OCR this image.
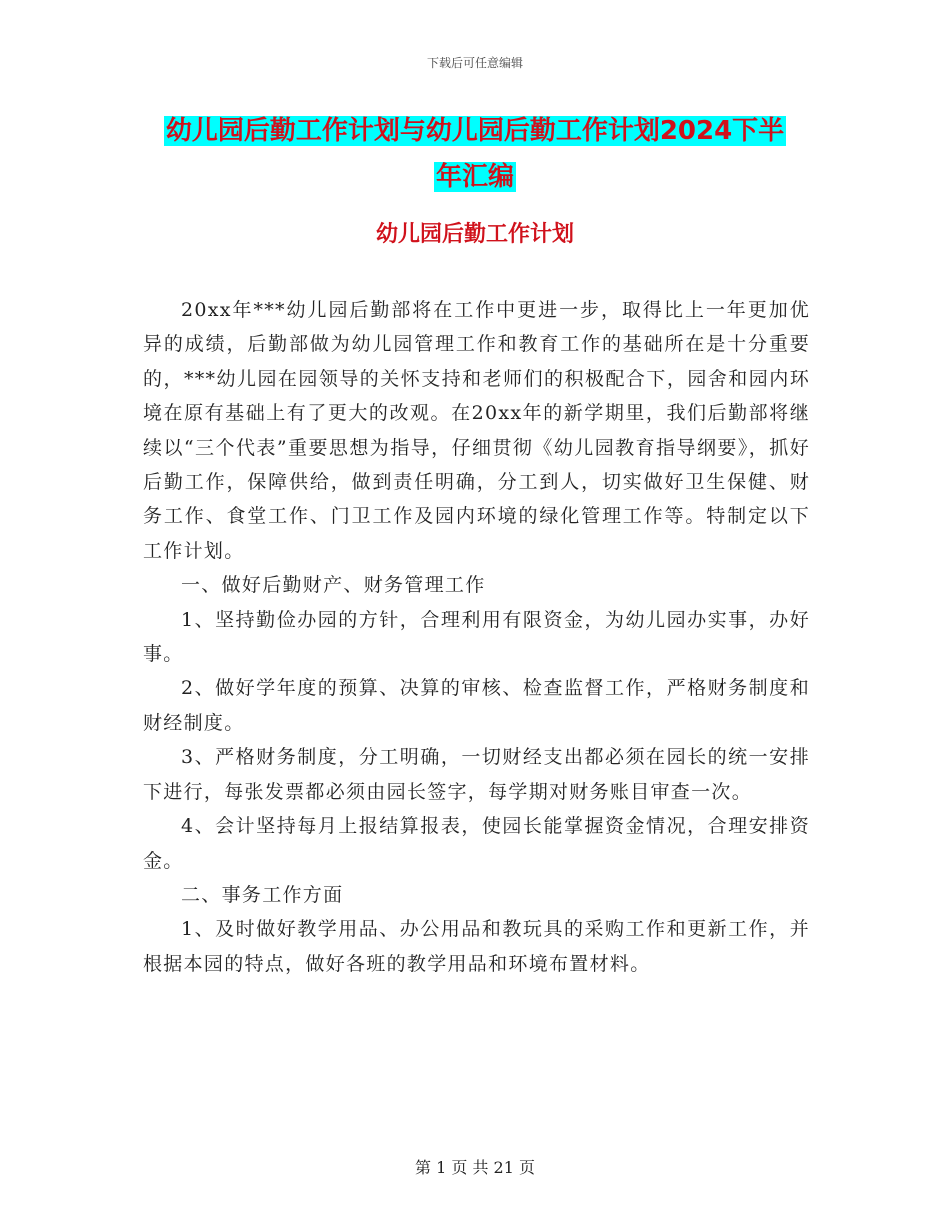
下载后可任意编辑
幼儿园后勤工作计划与幼儿园后勤工作计划2024下半
年汇编
幼儿园后勤工作计划

20xx年***幼儿园后勤部将在工作中更进一步，取得比上一年更加优异的成绩，后勤部做为幼儿园管理工作和教育工作的基础所在是十分重要的，***幼儿园在园领导的关怀支持和老师们的积极配合下，园舍和园内环境在原有基础上有了更大的改观。在20xx年的新学期里，我们后勤部将继续以“三个代表”重要思想为指导，仔细贯彻《幼儿园教育指导纲要》，抓好后勤工作，保障供给，做到责任明确，分工到人，切实做好卫生保健、财务工作、食堂工作、门卫工作及园内环境的绿化管理工作等。特制定以下工作计划。

一、做好后勤财产、财务管理工作

1、坚持勤俭办园的方针，合理利用有限资金，为幼儿园办实事，办好事。

2、做好学年度的预算、决算的审核、检查监督工作，严格财务制度和财经制度。

3、严格财务制度，分工明确，一切财经支出都必须在园长的统一安排下进行，每张发票都必须由园长签字，每学期对财务账目审查一次。

4、会计坚持每月上报结算报表，使园长能掌握资金情况，合理安排资金。

二、事务工作方面

1、及时做好教学用品、办公用品和教玩具的采购工作和更新工作，并根据本园的特点，做好各班的教学用品和环境布置材料。

第 1 页 共 21 页
